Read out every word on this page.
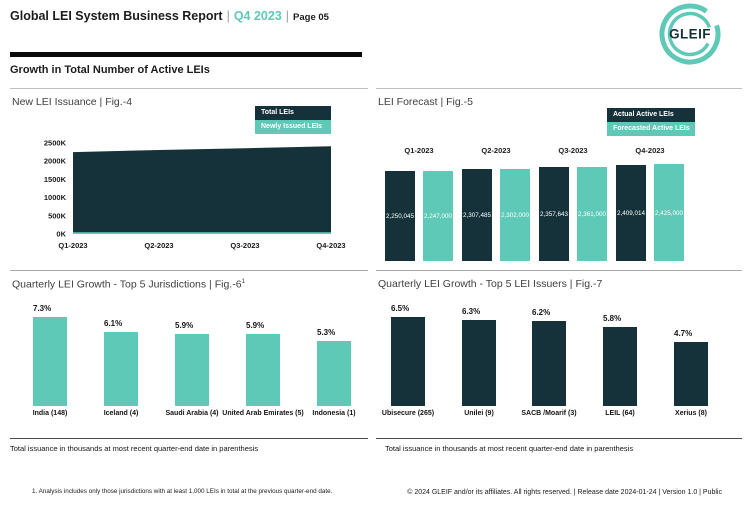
Global LEI System Business Report | Q4 2023 | Page 05
GLEIF
Growth in Total Number of Active LEIs
New LEI Issuance | Fig.-4
Total LEIs
Newly Issued LEIs
0K
500K
1000K
1500K
2000K
2500K
Q1-2023	Q2-2023	Q3-2023	Q4-2023
LEI Forecast | Fig.-5
Actual Active LEIs
Forecasted Active LEIs
Q1-2023	Q2-2023	Q3-2023	Q4-2023
2,250,045	2,307,485	2,357,643	2,409,014
2,247,000	2,302,000	2,361,000	2,425,000
Quarterly LEI Growth - Top 5 Jurisdictions | $Fig.-6^1$
7.3%
India (148)
6.1%
Iceland (4)
5.9%
Saudi Arabia (4)
5.9%
United Arab Emirates (5)
5.3%
Indonesia (1)
Quarterly LEI Growth - Top 5 LEI Issuers | Fig.-7
6.5%
Ubisecure (265)
6.3%
Unilei (9)
6.2%
SACB /Moarif (3)
5.8%
LEIL (64)
4.7%
Xerius (8)
Total issuance in thousands at most recent quarter-end date in parenthesis	Total issuance in thousands at most recent quarter-end date in parenthesis
1. Analysis includes only those jurisdictions with at least 1,000 LEIs in total at the previous quarter-end date.	© 2024 GLEIF and/or its affiliates. All rights reserved. | Release date 2024-01-24 | Version 1.0 | Public
